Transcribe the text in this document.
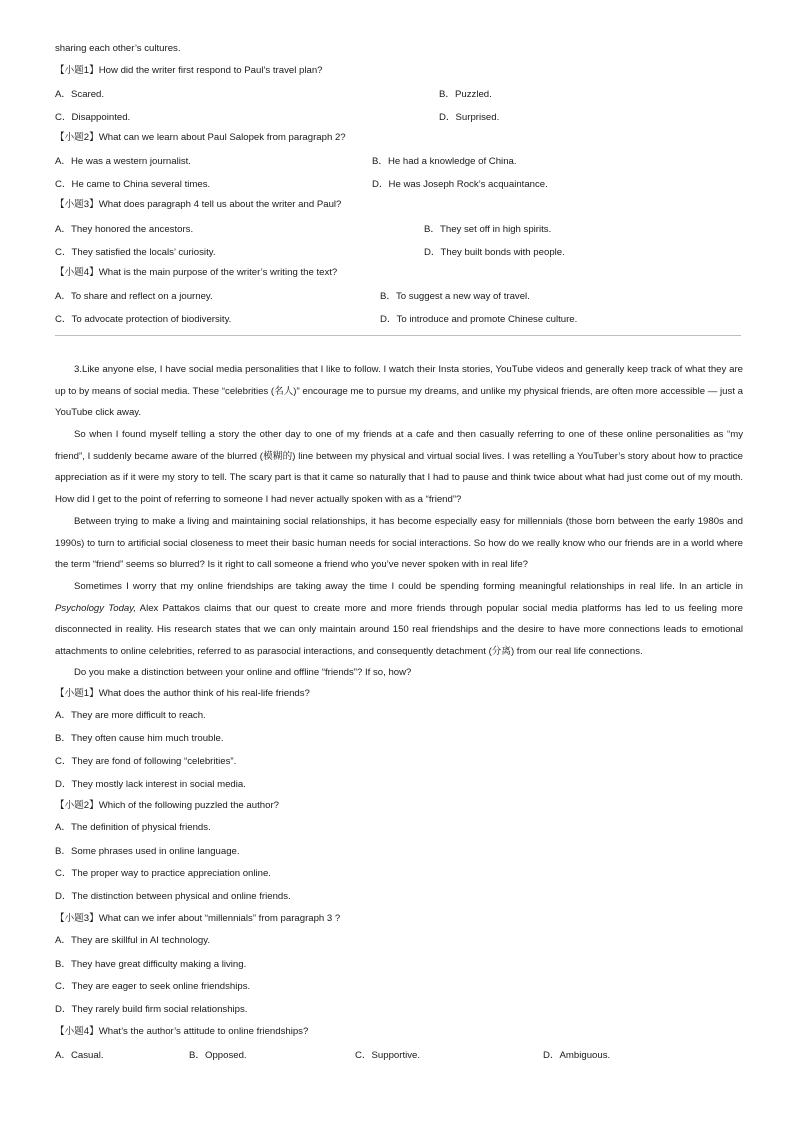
sharing each other’s cultures.
【小题1】How did the writer first respond to Paul’s travel plan?
A．Scared.	B．Puzzled.
C．Disappointed.	D．Surprised.
【小题2】What can we learn about Paul Salopek from paragraph 2?
A．He was a western journalist.	B．He had a knowledge of China.
C．He came to China several times.	D．He was Joseph Rock’s acquaintance.
【小题3】What does paragraph 4 tell us about the writer and Paul?
A．They honored the ancestors.	B．They set off in high spirits.
C．They satisfied the locals’ curiosity.	D．They built bonds with people.
【小题4】What is the main purpose of the writer’s writing the text?
A．To share and reflect on a journey.	B．To suggest a new way of travel.
C．To advocate protection of biodiversity.	D．To introduce and promote Chinese culture.
3.Like anyone else, I have social media personalities that I like to follow. I watch their Insta stories, YouTube videos and generally keep track of what they are up to by means of social media. These “celebrities (名人)” encourage me to pursue my dreams, and unlike my physical friends, are often more accessible — just a YouTube click away.
So when I found myself telling a story the other day to one of my friends at a cafe and then casually referring to one of these online personalities as “my friend”, I suddenly became aware of the blurred (模糊的) line between my physical and virtual social lives. I was retelling a YouTuber’s story about how to practice appreciation as if it were my story to tell. The scary part is that it came so naturally that I had to pause and think twice about what had just come out of my mouth. How did I get to the point of referring to someone I had never actually spoken with as a “friend”?
Between trying to make a living and maintaining social relationships, it has become especially easy for millennials (those born between the early 1980s and 1990s) to turn to artificial social closeness to meet their basic human needs for social interactions. So how do we really know who our friends are in a world where the term “friend” seems so blurred? Is it right to call someone a friend who you’ve never spoken with in real life?
Sometimes I worry that my online friendships are taking away the time I could be spending forming meaningful relationships in real life. In an article in Psychology Today, Alex Pattakos claims that our quest to create more and more friends through popular social media platforms has led to us feeling more disconnected in reality. His research states that we can only maintain around 150 real friendships and the desire to have more connections leads to emotional attachments to online celebrities, referred to as parasocial interactions, and consequently detachment (分离) from our real life connections.
Do you make a distinction between your online and offline “friends”? If so, how?
【小题1】What does the author think of his real-life friends?
A．They are more difficult to reach.
B．They often cause him much trouble.
C．They are fond of following “celebrities”.
D．They mostly lack interest in social media.
【小题2】Which of the following puzzled the author?
A．The definition of physical friends.
B．Some phrases used in online language.
C．The proper way to practice appreciation online.
D．The distinction between physical and online friends.
【小题3】What can we infer about “millennials” from paragraph 3 ?
A．They are skillful in AI technology.
B．They have great difficulty making a living.
C．They are eager to seek online friendships.
D．They rarely build firm social relationships.
【小题4】What’s the author’s attitude to online friendships?
A．Casual.	B．Opposed.	C．Supportive.	D．Ambiguous.
